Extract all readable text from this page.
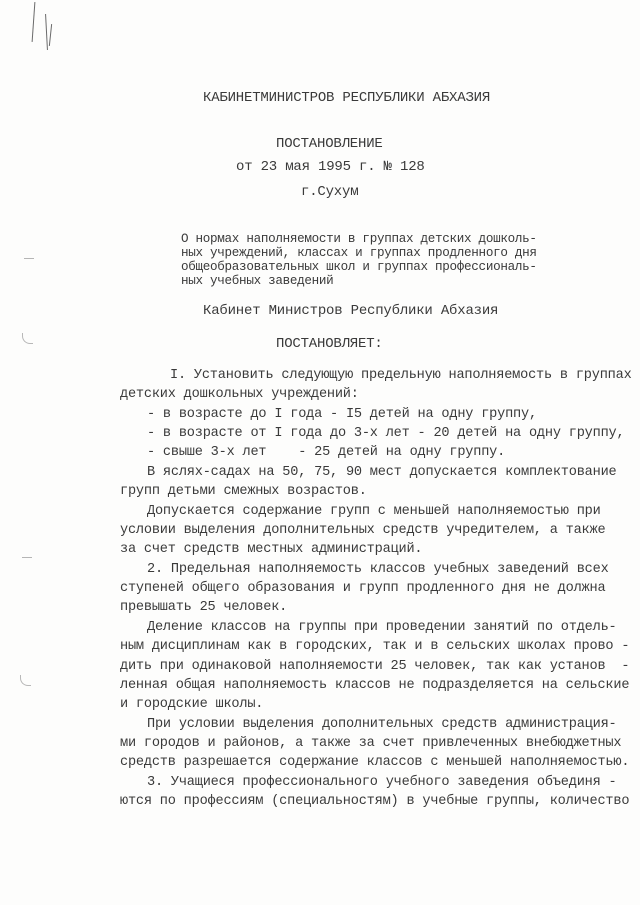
КАБИНЕТМИНИСТРОВ РЕСПУБЛИКИ АБХАЗИЯ
ПОСТАНОВЛЕНИЕ
от 23 мая 1995 г. № 128
г.Сухум
О нормах наполняемости в группах детских дошколь-
ных учреждений, классах и группах продленного дня
общеобразовательных школ и группах профессиональ-
ных учебных заведений
Кабинет Министров Республики Абхазия
ПОСТАНОВЛЯЕТ:
I. Установить следующую предельную наполняемость в группах
детских дошкольных учреждений:
- в возрасте до I года - I5 детей на одну группу,
- в возрасте от I года до 3-х лет - 20 детей на одну группу,
- свыше 3-х лет    - 25 детей на одну группу.
В яслях-садах на 50, 75, 90 мест допускается комплектование
групп детьми смежных возрастов.
Допускается содержание групп с меньшей наполняемостью при
условии выделения дополнительных средств учредителем, а также
за счет средств местных администраций.
2. Предельная наполняемость классов учебных заведений всех
ступеней общего образования и групп продленного дня не должна
превышать 25 человек.
Деление классов на группы при проведении занятий по отдель-
ным дисциплинам как в городских, так и в сельских школах прово -
дить при одинаковой наполняемости 25 человек, так как установ  -
ленная общая наполняемость классов не подразделяется на сельские
и городские школы.
При условии выделения дополнительных средств администрация-
ми городов и районов, а также за счет привлеченных внебюджетных
средств разрешается содержание классов с меньшей наполняемостью.
3. Учащиеся профессионального учебного заведения объединя -
ются по профессиям (специальностям) в учебные группы, количество
